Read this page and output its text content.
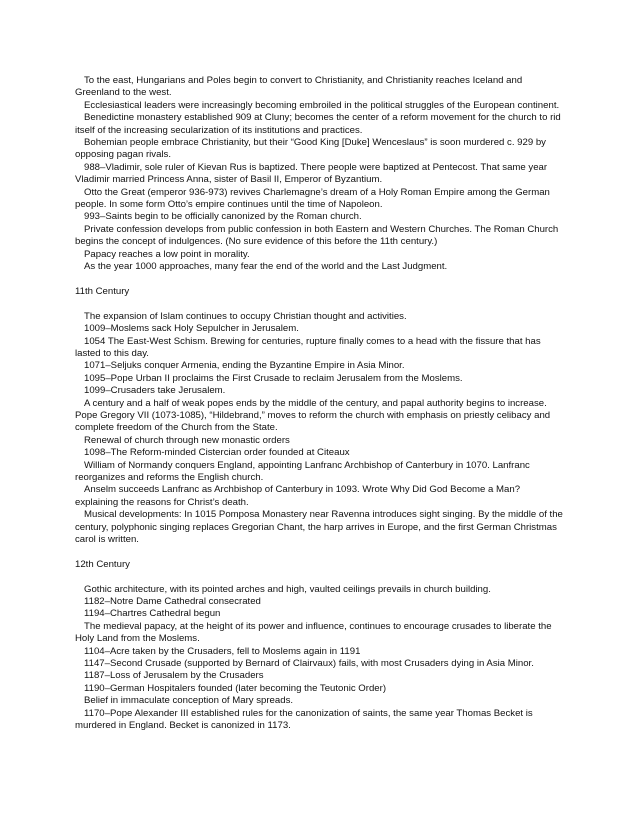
To the east, Hungarians and Poles begin to convert to Christianity, and Christianity reaches Iceland and Greenland to the west.

Ecclesiastical leaders were increasingly becoming embroiled in the political struggles of the European continent.

Benedictine monastery established 909 at Cluny; becomes the center of a reform movement for the church to rid itself of the increasing secularization of its institutions and practices.

Bohemian people embrace Christianity, but their “Good King [Duke] Wenceslaus” is soon murdered c. 929 by opposing pagan rivals.

988–Vladimir, sole ruler of Kievan Rus is baptized. There people were baptized at Pentecost. That same year Vladimir married Princess Anna, sister of Basil II, Emperor of Byzantium.

Otto the Great (emperor 936-973) revives Charlemagne’s dream of a Holy Roman Empire among the German people. In some form Otto’s empire continues until the time of Napoleon.

993–Saints begin to be officially canonized by the Roman church.

Private confession develops from public confession in both Eastern and Western Churches. The Roman Church begins the concept of indulgences. (No sure evidence of this before the 11th century.)

Papacy reaches a low point in morality.

As the year 1000 approaches, many fear the end of the world and the Last Judgment.

11th Century

The expansion of Islam continues to occupy Christian thought and activities.

1009–Moslems sack Holy Sepulcher in Jerusalem.

1054 The East-West Schism. Brewing for centuries, rupture finally comes to a head with the fissure that has lasted to this day.

1071–Seljuks conquer Armenia, ending the Byzantine Empire in Asia Minor.

1095–Pope Urban II proclaims the First Crusade to reclaim Jerusalem from the Moslems.

1099–Crusaders take Jerusalem.

A century and a half of weak popes ends by the middle of the century, and papal authority begins to increase. Pope Gregory VII (1073-1085), “Hildebrand,” moves to reform the church with emphasis on priestly celibacy and complete freedom of the Church from the State.

Renewal of church through new monastic orders

1098–The Reform-minded Cistercian order founded at Citeaux

William of Normandy conquers England, appointing Lanfranc Archbishop of Canterbury in 1070. Lanfranc reorganizes and reforms the English church.

Anselm succeeds Lanfranc as Archbishop of Canterbury in 1093. Wrote Why Did God Become a Man? explaining the reasons for Christ’s death.

Musical developments: In 1015 Pomposa Monastery near Ravenna introduces sight singing. By the middle of the century, polyphonic singing replaces Gregorian Chant, the harp arrives in Europe, and the first German Christmas carol is written.

12th Century

Gothic architecture, with its pointed arches and high, vaulted ceilings prevails in church building.

1182–Notre Dame Cathedral consecrated

1194–Chartres Cathedral begun

The medieval papacy, at the height of its power and influence, continues to encourage crusades to liberate the Holy Land from the Moslems.

1104–Acre taken by the Crusaders, fell to Moslems again in 1191

1147–Second Crusade (supported by Bernard of Clairvaux) fails, with most Crusaders dying in Asia Minor.

1187–Loss of Jerusalem by the Crusaders

1190–German Hospitalers founded (later becoming the Teutonic Order)

Belief in immaculate conception of Mary spreads.

1170–Pope Alexander III established rules for the canonization of saints, the same year Thomas Becket is murdered in England. Becket is canonized in 1173.
